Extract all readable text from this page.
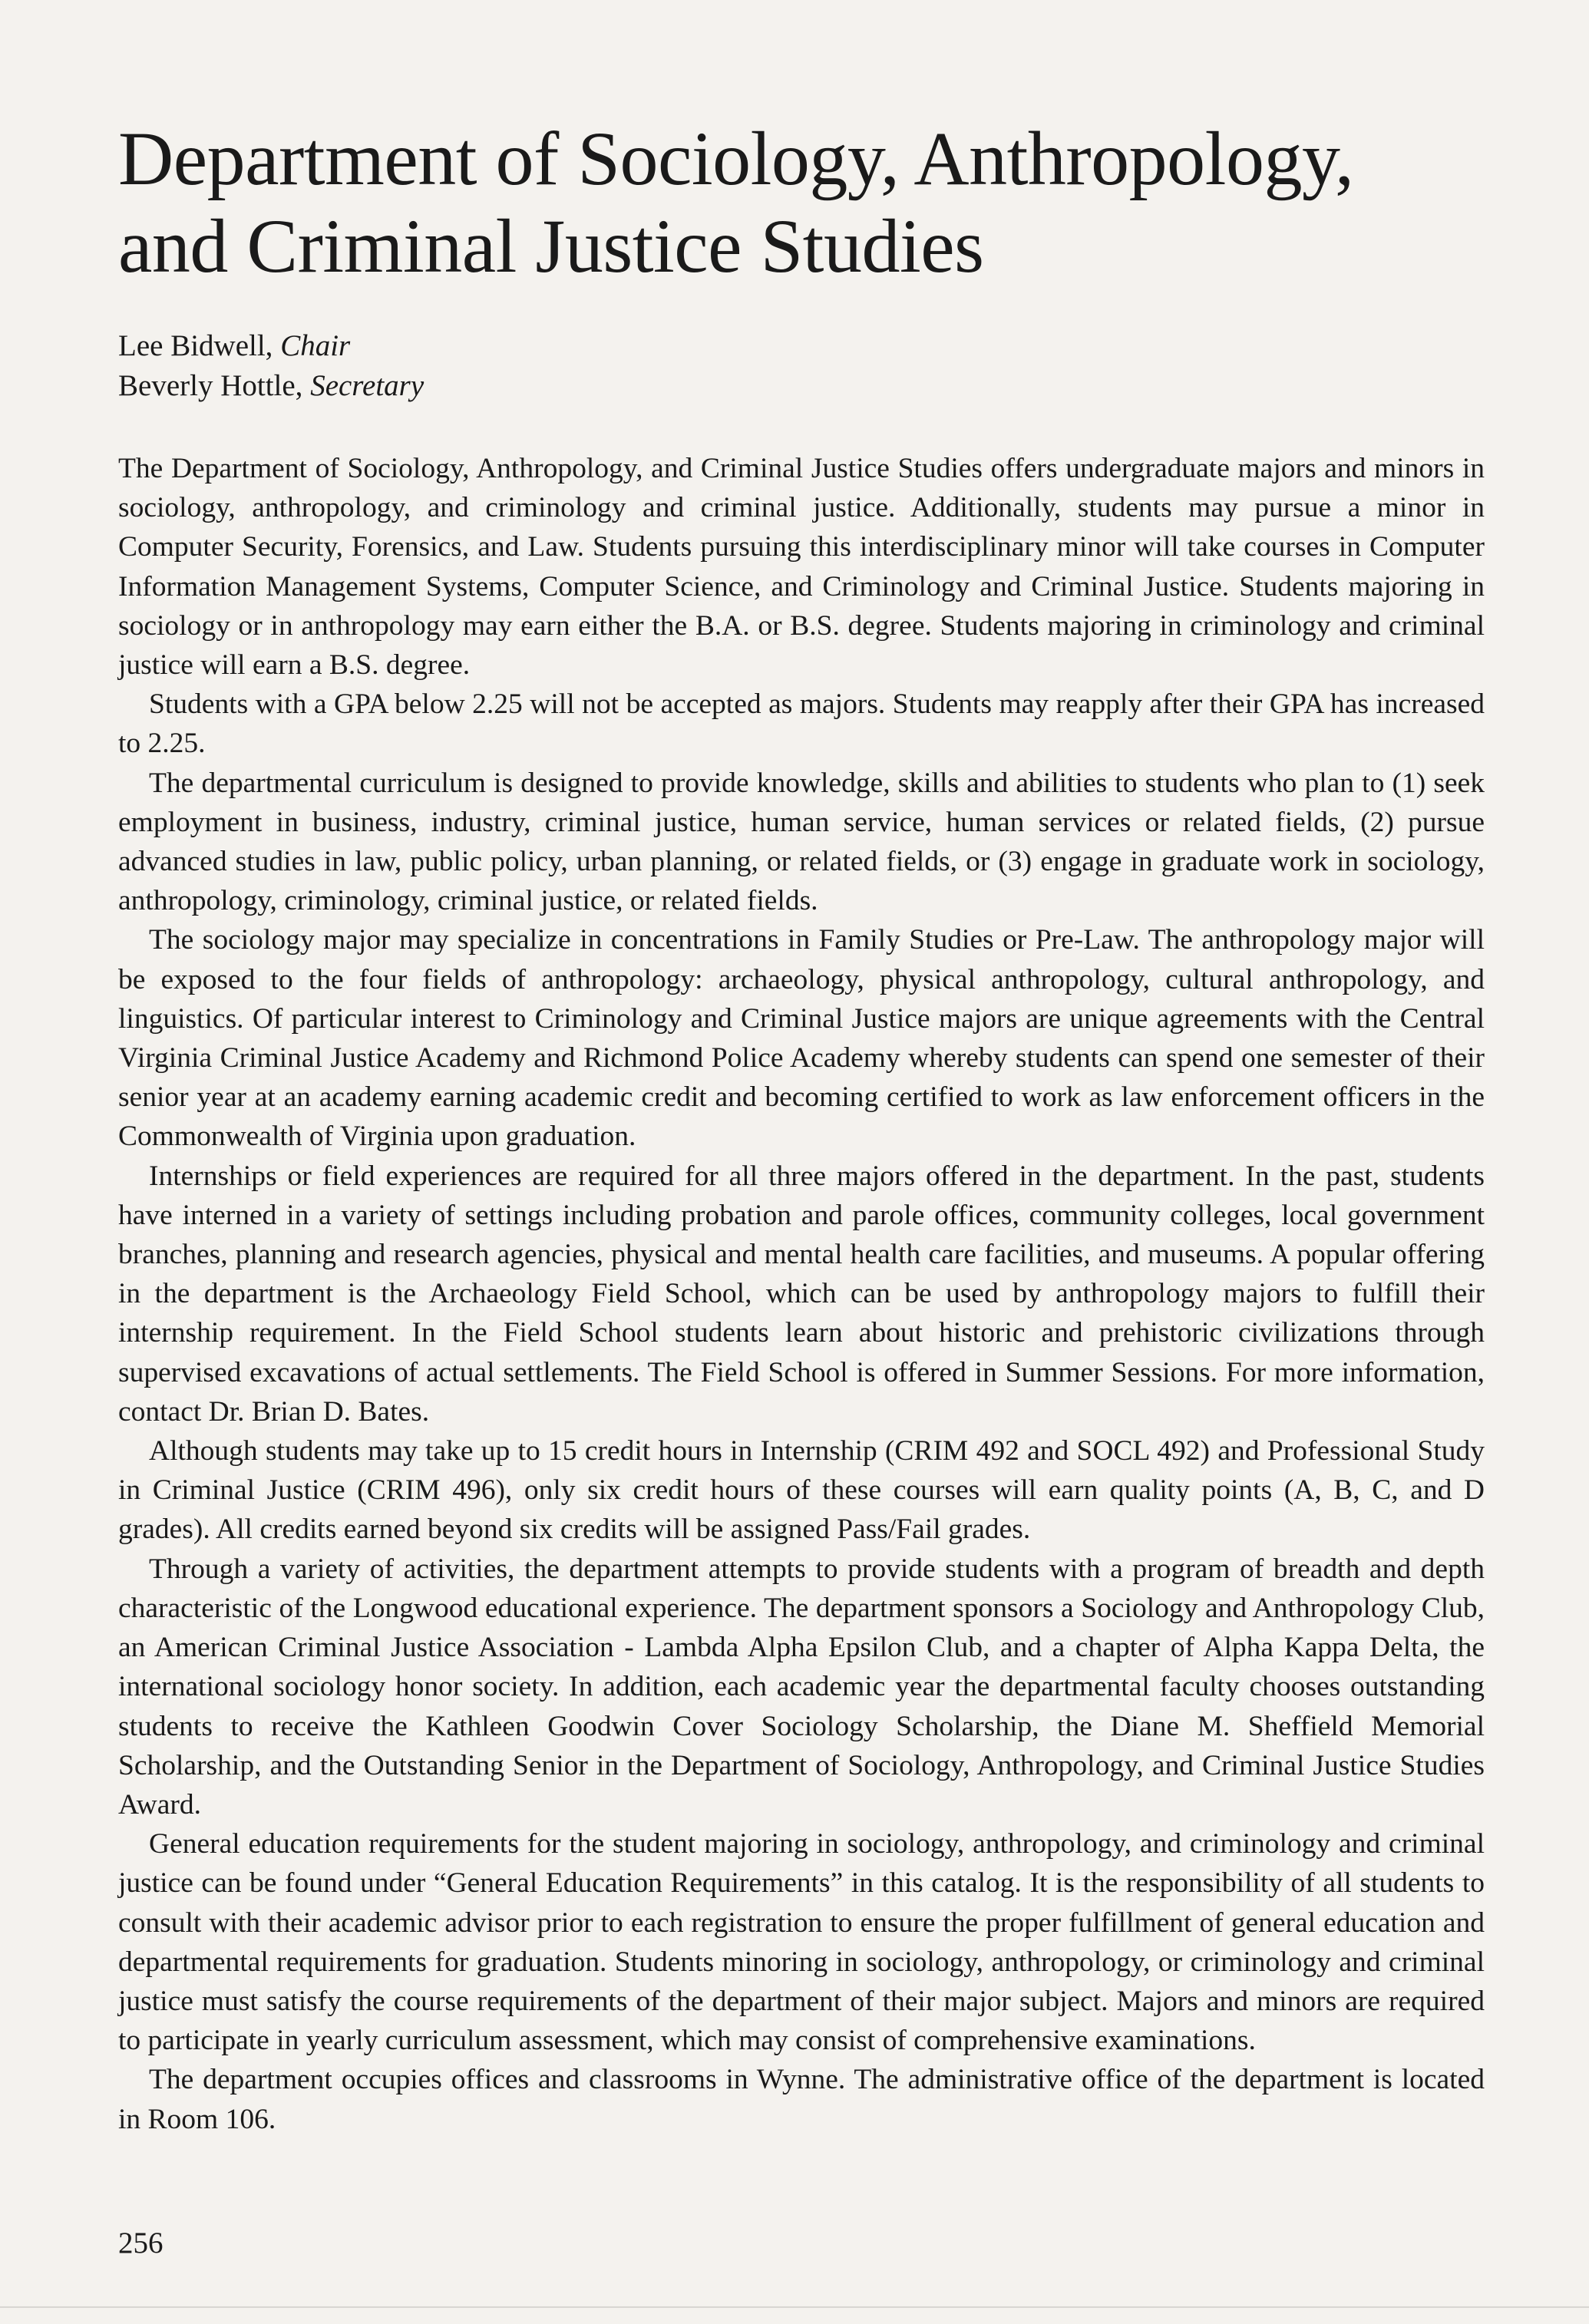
Department of Sociology, Anthropology,
and Criminal Justice Studies
Lee Bidwell, Chair
Beverly Hottle, Secretary

The Department of Sociology, Anthropology, and Criminal Justice Studies offers undergraduate majors and minors in sociology, anthropology, and criminology and criminal justice. Additionally, students may pursue a minor in Computer Security, Forensics, and Law. Students pursuing this interdisciplinary minor will take courses in Computer Information Management Systems, Computer Science, and Criminology and Criminal Justice. Students majoring in sociology or in anthropology may earn either the B.A. or B.S. degree. Students majoring in criminology and criminal justice will earn a B.S. degree.

Students with a GPA below 2.25 will not be accepted as majors. Students may reapply after their GPA has increased to 2.25.

The departmental curriculum is designed to provide knowledge, skills and abilities to students who plan to (1) seek employment in business, industry, criminal justice, human service, human services or related fields, (2) pursue advanced studies in law, public policy, urban planning, or related fields, or (3) engage in graduate work in sociology, anthropology, criminology, criminal justice, or related fields.

The sociology major may specialize in concentrations in Family Studies or Pre-Law. The anthropology major will be exposed to the four fields of anthropology: archaeology, physical anthropology, cultural anthropology, and linguistics. Of particular interest to Criminology and Criminal Justice majors are unique agreements with the Central Virginia Criminal Justice Academy and Richmond Police Academy whereby students can spend one semester of their senior year at an academy earning academic credit and becoming certified to work as law enforcement officers in the Commonwealth of Virginia upon graduation.

Internships or field experiences are required for all three majors offered in the department. In the past, students have interned in a variety of settings including probation and parole offices, community colleges, local government branches, planning and research agencies, physical and mental health care facilities, and museums. A popular offering in the department is the Archaeology Field School, which can be used by anthropology majors to fulfill their internship requirement. In the Field School students learn about historic and prehistoric civilizations through supervised excavations of actual settlements. The Field School is offered in Summer Sessions. For more information, contact Dr. Brian D. Bates.

Although students may take up to 15 credit hours in Internship (CRIM 492 and SOCL 492) and Professional Study in Criminal Justice (CRIM 496), only six credit hours of these courses will earn quality points (A, B, C, and D grades). All credits earned beyond six credits will be assigned Pass/Fail grades.

Through a variety of activities, the department attempts to provide students with a program of breadth and depth characteristic of the Longwood educational experience. The department sponsors a Sociology and Anthropology Club, an American Criminal Justice Association - Lambda Alpha Epsilon Club, and a chapter of Alpha Kappa Delta, the international sociology honor society. In addition, each academic year the departmental faculty chooses outstanding students to receive the Kathleen Goodwin Cover Sociology Scholarship, the Diane M. Sheffield Memorial Scholarship, and the Outstanding Senior in the Department of Sociology, Anthropology, and Criminal Justice Studies Award.

General education requirements for the student majoring in sociology, anthropology, and criminology and criminal justice can be found under “General Education Requirements” in this catalog. It is the responsibility of all students to consult with their academic advisor prior to each registration to ensure the proper fulfillment of general education and departmental requirements for graduation. Students minoring in sociology, anthropology, or criminology and criminal justice must satisfy the course requirements of the department of their major subject. Majors and minors are required to participate in yearly curriculum assessment, which may consist of comprehensive examinations.

The department occupies offices and classrooms in Wynne. The administrative office of the department is located in Room 106.

256
